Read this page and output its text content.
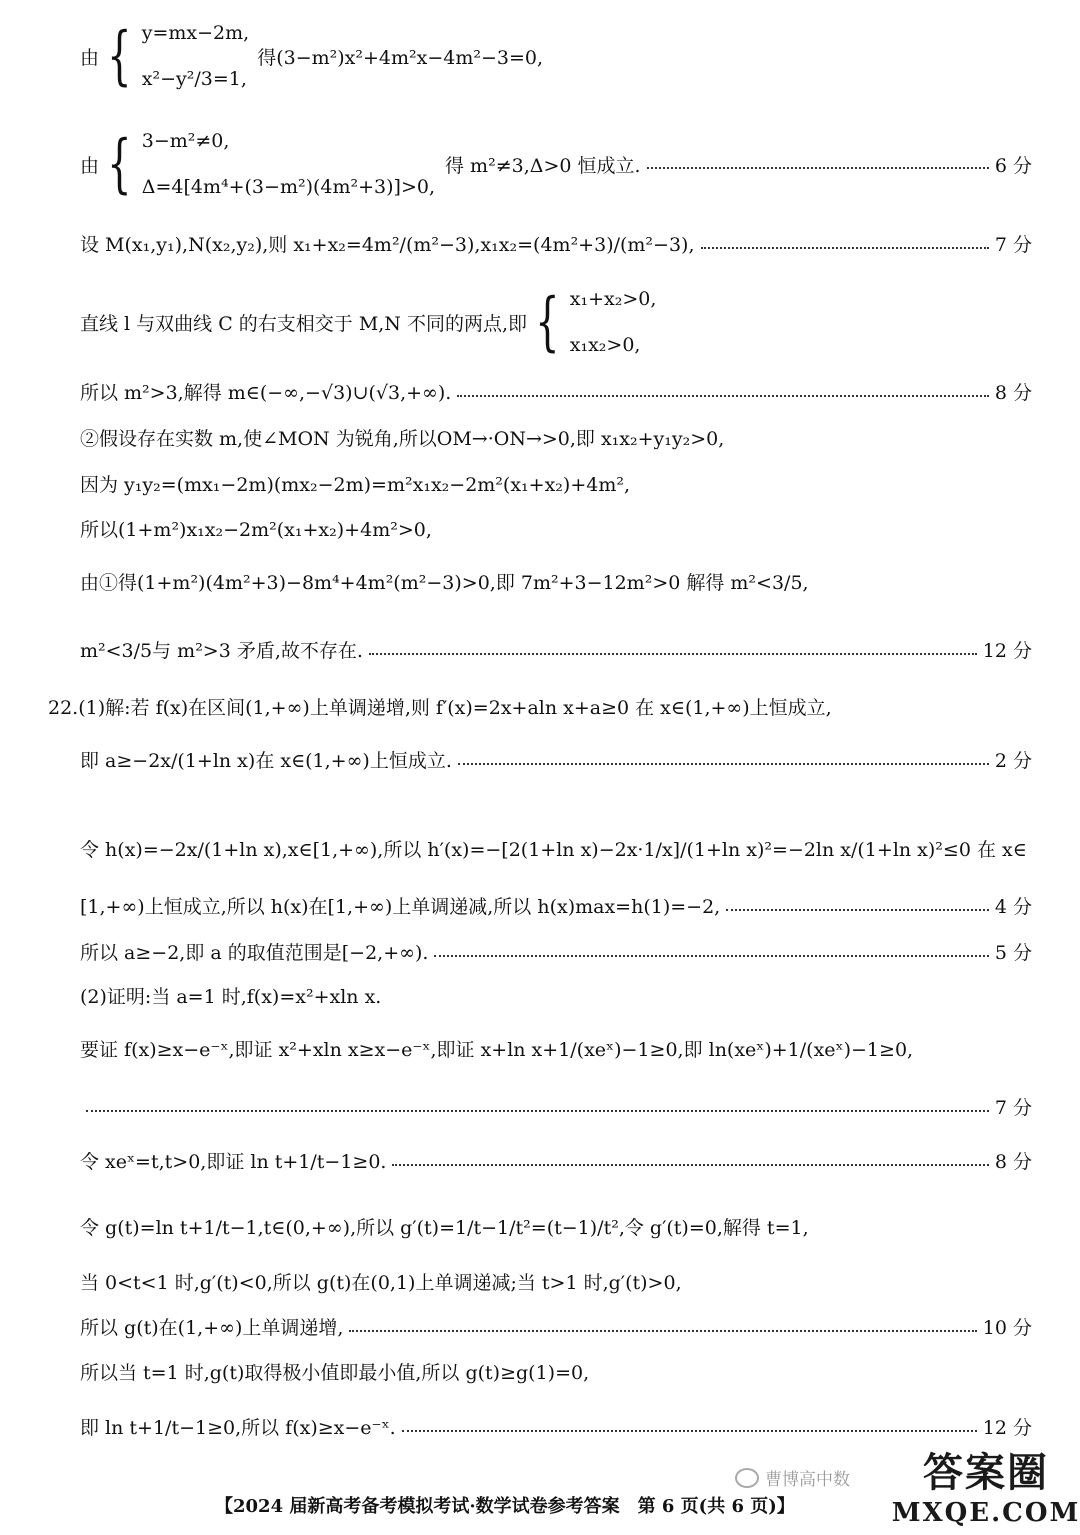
由 { y=mx−2m,
x²−y²/3=1,
得(3−m²)x²+4m²x−4m²−3=0,
由 { 3−m²≠0,
Δ=4[4m⁴+(3−m²)(4m²+3)]>0,
得 m²≠3,Δ>0 恒成立.	6 分
直线 l 与双曲线 C 的右支相交于 M,N 不同的两点,即 { x₁+x₂>0,
x₁x₂>0,
设 M(x₁,y₁),N(x₂,y₂),则 x₁+x₂=4m²/(m²−3),x₁x₂=(4m²+3)/(m²−3),	7 分
所以 m²>3,解得 m∈(−∞,−√3)∪(√3,+∞).	8 分
②假设存在实数 m,使∠MON 为锐角,所以OM→·ON→>0,即 x₁x₂+y₁y₂>0,
因为 y₁y₂=(mx₁−2m)(mx₂−2m)=m²x₁x₂−2m²(x₁+x₂)+4m²,
所以(1+m²)x₁x₂−2m²(x₁+x₂)+4m²>0,
由①得(1+m²)(4m²+3)−8m⁴+4m²(m²−3)>0,即 7m²+3−12m²>0 解得 m²<3/5,
m²<3/5与 m²>3 矛盾,故不存在.	12 分
22.(1)解:若 f(x)在区间(1,+∞)上单调递增,则 f′(x)=2x+aln x+a≥0 在 x∈(1,+∞)上恒成立,
即 a≥−2x/(1+ln x)在 x∈(1,+∞)上恒成立.	2 分
令 h(x)=−2x/(1+ln x),x∈[1,+∞),所以 h′(x)=−[2(1+ln x)−2x·1/x]/(1+ln x)²=−2ln x/(1+ln x)²≤0 在 x∈
[1,+∞)上恒成立,所以 h(x)在[1,+∞)上单调递减,所以 h(x)max=h(1)=−2,	4 分
所以 a≥−2,即 a 的取值范围是[−2,+∞).	5 分
(2)证明:当 a=1 时,f(x)=x²+xln x.
要证 f(x)≥x−e⁻ˣ,即证 x²+xln x≥x−e⁻ˣ,即证 x+ln x+1/(xeˣ)−1≥0,即 ln(xeˣ)+1/(xeˣ)−1≥0,
7 分
令 xeˣ=t,t>0,即证 ln t+1/t−1≥0.	8 分
令 g(t)=ln t+1/t−1,t∈(0,+∞),所以 g′(t)=1/t−1/t²=(t−1)/t²,令 g′(t)=0,解得 t=1,
当 0<t<1 时,g′(t)<0,所以 g(t)在(0,1)上单调递减;当 t>1 时,g′(t)>0,
所以 g(t)在(1,+∞)上单调递增,	10 分
所以当 t=1 时,g(t)取得极小值即最小值,所以 g(t)≥g(1)=0,
即 ln t+1/t−1≥0,所以 f(x)≥x−e⁻ˣ.	12 分
曹博高中数
【2024 届新高考备考模拟考试·数学试卷参考答案　第 6 页(共 6 页)】
答案圈
MXQE.COM
